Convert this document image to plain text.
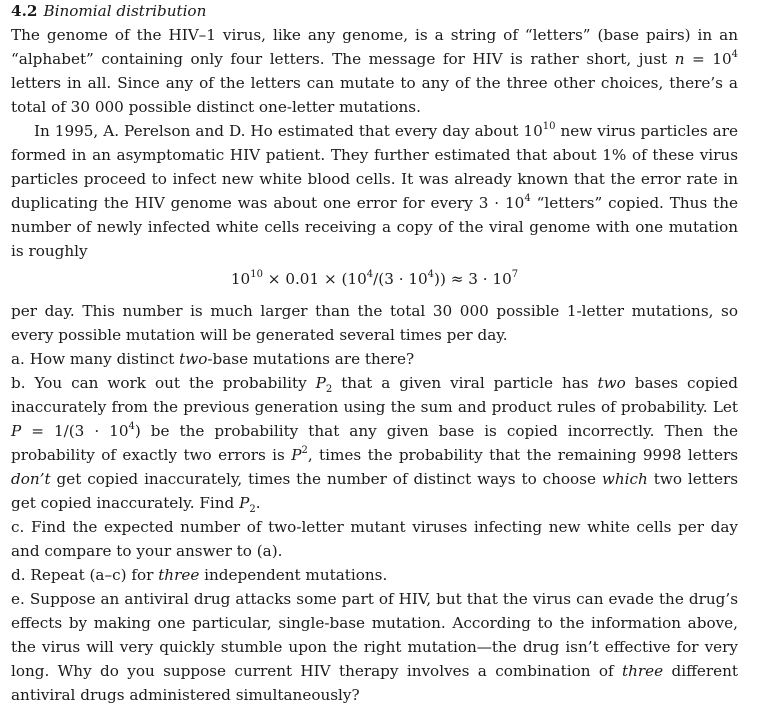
4.2 Binomial distribution

The genome of the HIV–1 virus, like any genome, is a string of “letters” (base pairs) in an “alphabet” containing only four letters. The message for HIV is rather short, just $n = 10^4$ letters in all. Since any of the letters can mutate to any of the three other choices, there’s a total of 30 000 possible distinct one-letter mutations.

In 1995, A. Perelson and D. Ho estimated that every day about $10^{10}$ new virus particles are formed in an asymptomatic HIV patient. They further estimated that about 1% of these virus particles proceed to infect new white blood cells. It was already known that the error rate in duplicating the HIV genome was about one error for every $3 \cdot 10^4$ “letters” copied. Thus the number of newly infected white cells receiving a copy of the viral genome with one mutation is roughly

$10^{10} \times 0.01 \times (10^4/(3 \cdot 10^4)) \approx 3 \cdot 10^7$

per day. This number is much larger than the total 30 000 possible 1-letter mutations, so every possible mutation will be generated several times per day.

a. How many distinct two-base mutations are there?

b. You can work out the probability $P_2$ that a given viral particle has two bases copied inaccurately from the previous generation using the sum and product rules of probability. Let $P = 1/(3 \cdot 10^4)$ be the probability that any given base is copied incorrectly. Then the probability of exactly two errors is $P^2$, times the probability that the remaining 9998 letters don’t get copied inaccurately, times the number of distinct ways to choose which two letters get copied inaccurately. Find $P_2$.

c. Find the expected number of two-letter mutant viruses infecting new white cells per day and compare to your answer to (a).

d. Repeat (a–c) for three independent mutations.

e. Suppose an antiviral drug attacks some part of HIV, but that the virus can evade the drug’s effects by making one particular, single-base mutation. According to the information above, the virus will very quickly stumble upon the right mutation—the drug isn’t effective for very long. Why do you suppose current HIV therapy involves a combination of three different antiviral drugs administered simultaneously?
